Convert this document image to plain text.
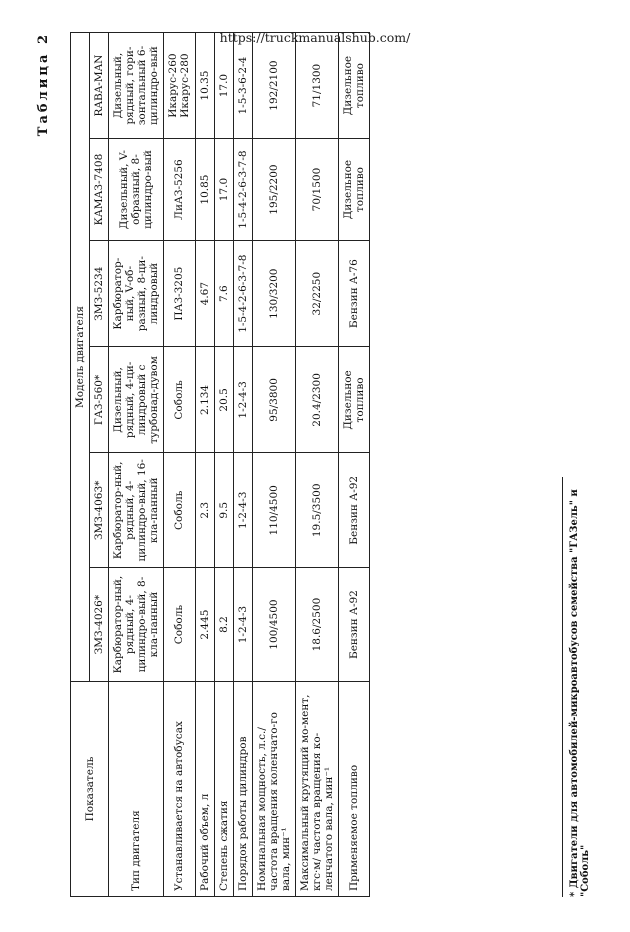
https://truckmanualshub.com/
Таблица 2
Показатель	Модель двигателя					
	ЗМЗ-4026*	ЗМЗ-4063*	ГАЗ-560*	ЗМЗ-5234	КАМАЗ-7408	RABA-MAN
Тип двигателя	Карбюратор-ный, рядный, 4-цилиндро-вый, 8- кла-панный	Карбюратор-ный, рядный, 4-цилиндро-вый, 16- кла-панный	Дизельный, рядный, 4-ци-линдровый с турбонад-дувом	Карбюратор-ный, V-об-разный, 8-ци-линдровый	Дизельный, V-образный, 8-цилиндро-вый	Дизельный, рядный, гори-зонтальный 6-цилиндро-вый
Устанавливается на автобусах	Соболь	Соболь	Соболь	ПАЗ-3205	ЛиАЗ-5256	Икарус-260 Икарус-280
Рабочий объем, л	2.445	2.3	2.134	4.67	10.85	10.35
Степень сжатия	8.2	9.5	20.5	7.6	17.0	17.0
Порядок работы цилиндров	1-2-4-3	1-2-4-3	1-2-4-3	1-5-4-2-6-3-7-8	1-5-4-2-6-3-7-8	1-5-3-6-2-4
Номинальная мощность, л.с./частота вращения коленчато-го вала, мин⁻¹	100/4500	110/4500	95/3800	130/3200	195/2200	192/2100
Максимальный крутящий мо-мент, кгс·м/ частота вращения ко-ленчатого вала, мин⁻¹	18.6/2500	19.5/3500	20.4/2300	32/2250	70/1500	71/1300
Применяемое топливо	Бензин А-92	Бензин А-92	Дизельное топливо	Бензин А-76	Дизельное топливо	Дизельное топливо
* Двигатели для автомобилей-микроавтобусов семейства "ГАЗель" и "Соболь"
